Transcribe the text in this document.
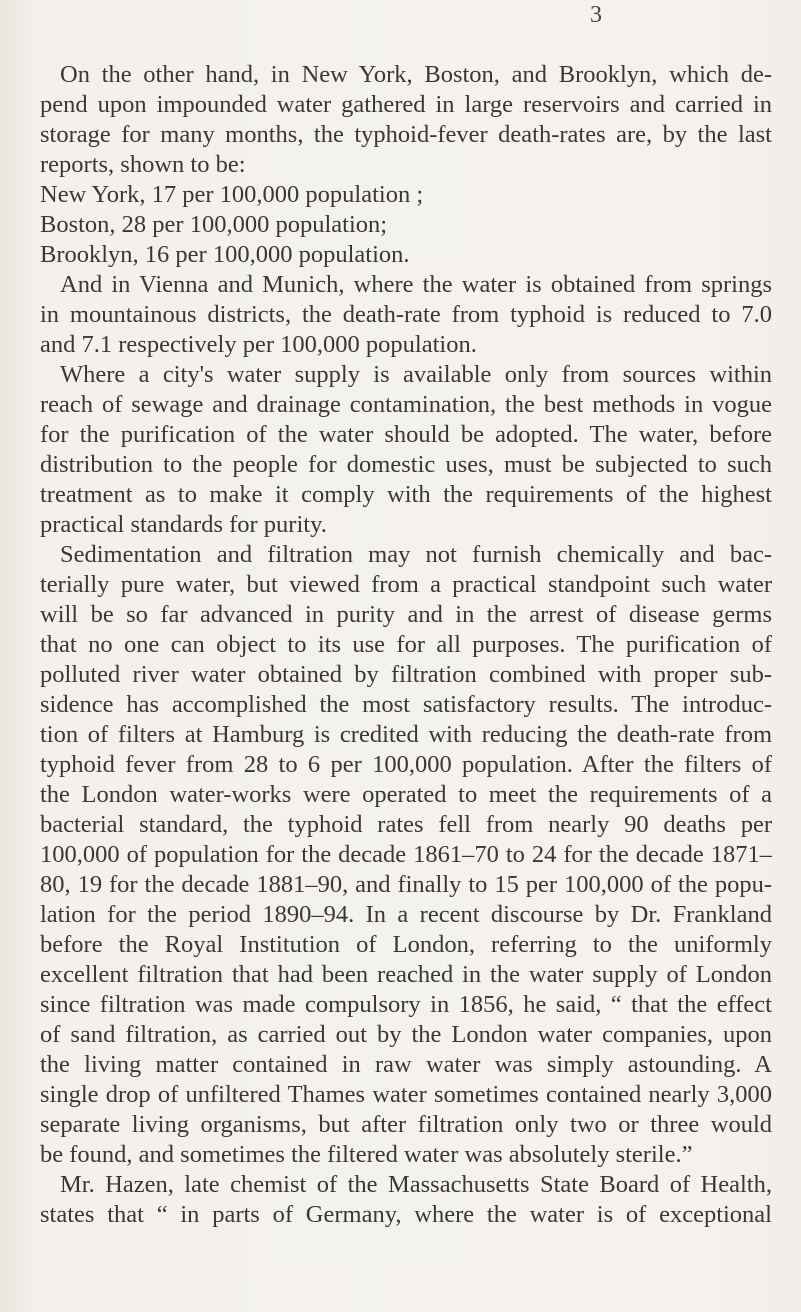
3
On the other hand, in New York, Boston, and Brooklyn, which de-
pend upon impounded water gathered in large reservoirs and carried in
storage for many months, the typhoid-fever death-rates are, by the last
reports, shown to be:
New York, 17 per 100,000 population ;
Boston, 28 per 100,000 population;
Brooklyn, 16 per 100,000 population.
And in Vienna and Munich, where the water is obtained from springs
in mountainous districts, the death-rate from typhoid is reduced to 7.0
and 7.1 respectively per 100,000 population.
Where a city's water supply is available only from sources within
reach of sewage and drainage contamination, the best methods in vogue
for the purification of the water should be adopted. The water, before
distribution to the people for domestic uses, must be subjected to such
treatment as to make it comply with the requirements of the highest
practical standards for purity.
Sedimentation and filtration may not furnish chemically and bac-
terially pure water, but viewed from a practical standpoint such water
will be so far advanced in purity and in the arrest of disease germs
that no one can object to its use for all purposes. The purification of
polluted river water obtained by filtration combined with proper sub-
sidence has accomplished the most satisfactory results. The introduc-
tion of filters at Hamburg is credited with reducing the death-rate from
typhoid fever from 28 to 6 per 100,000 population. After the filters of
the London water-works were operated to meet the requirements of a
bacterial standard, the typhoid rates fell from nearly 90 deaths per
100,000 of population for the decade 1861–70 to 24 for the decade 1871–
80, 19 for the decade 1881–90, and finally to 15 per 100,000 of the popu-
lation for the period 1890–94. In a recent discourse by Dr. Frankland
before the Royal Institution of London, referring to the uniformly
excellent filtration that had been reached in the water supply of London
since filtration was made compulsory in 1856, he said, “ that the effect
of sand filtration, as carried out by the London water companies, upon
the living matter contained in raw water was simply astounding. A
single drop of unfiltered Thames water sometimes contained nearly 3,000
separate living organisms, but after filtration only two or three would
be found, and sometimes the filtered water was absolutely sterile.”
Mr. Hazen, late chemist of the Massachusetts State Board of Health,
states that “ in parts of Germany, where the water is of exceptional
